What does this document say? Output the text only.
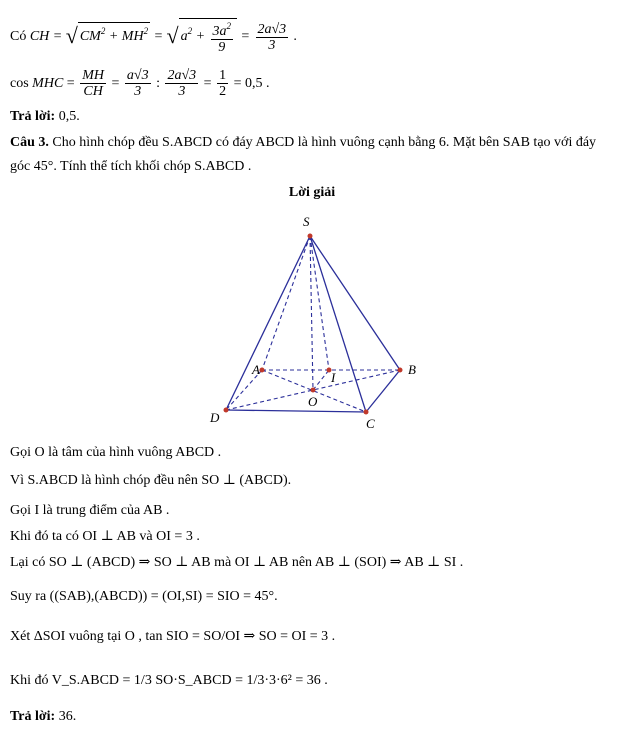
Có CH = √ $CM^2 + MH^2$ = √ $a^2 + \frac{3a^2}{9} = \frac{2a√3}{3}$ .
cos MHC = $\frac{MH}{CH} = \frac{a√3}{3}$ : $\frac{2a√3}{3} = \frac{1}{2} = 0,5$ .
Trả lời: 0,5.
Câu 3. Cho hình chóp đều S.ABCD có đáy ABCD là hình vuông cạnh bằng 6. Mặt bên SAB tạo với đáy
góc 45°. Tính thể tích khối chóp S.ABCD .
Lời giải
S
A	B
C
D
I
O
Gọi O là tâm của hình vuông ABCD .
Vì S.ABCD là hình chóp đều nên SO ⊥ (ABCD).
Gọi I là trung điểm của AB .
Khi đó ta có OI ⊥ AB và OI = 3 .
Lại có SO ⊥ (ABCD) ⇒ SO ⊥ AB mà OI ⊥ AB nên AB ⊥ (SOI) ⇒ AB ⊥ SI .
Suy ra ((SAB),(ABCD)) = (OI,SI) = SIO = 45°.
Xét ΔSOI vuông tại O , tan SIO = SO/OI ⇒ SO = OI = 3 .
Khi đó V_S.ABCD = 1/3 SO·S_ABCD = 1/3·3·6² = 36 .
Trả lời: 36.
